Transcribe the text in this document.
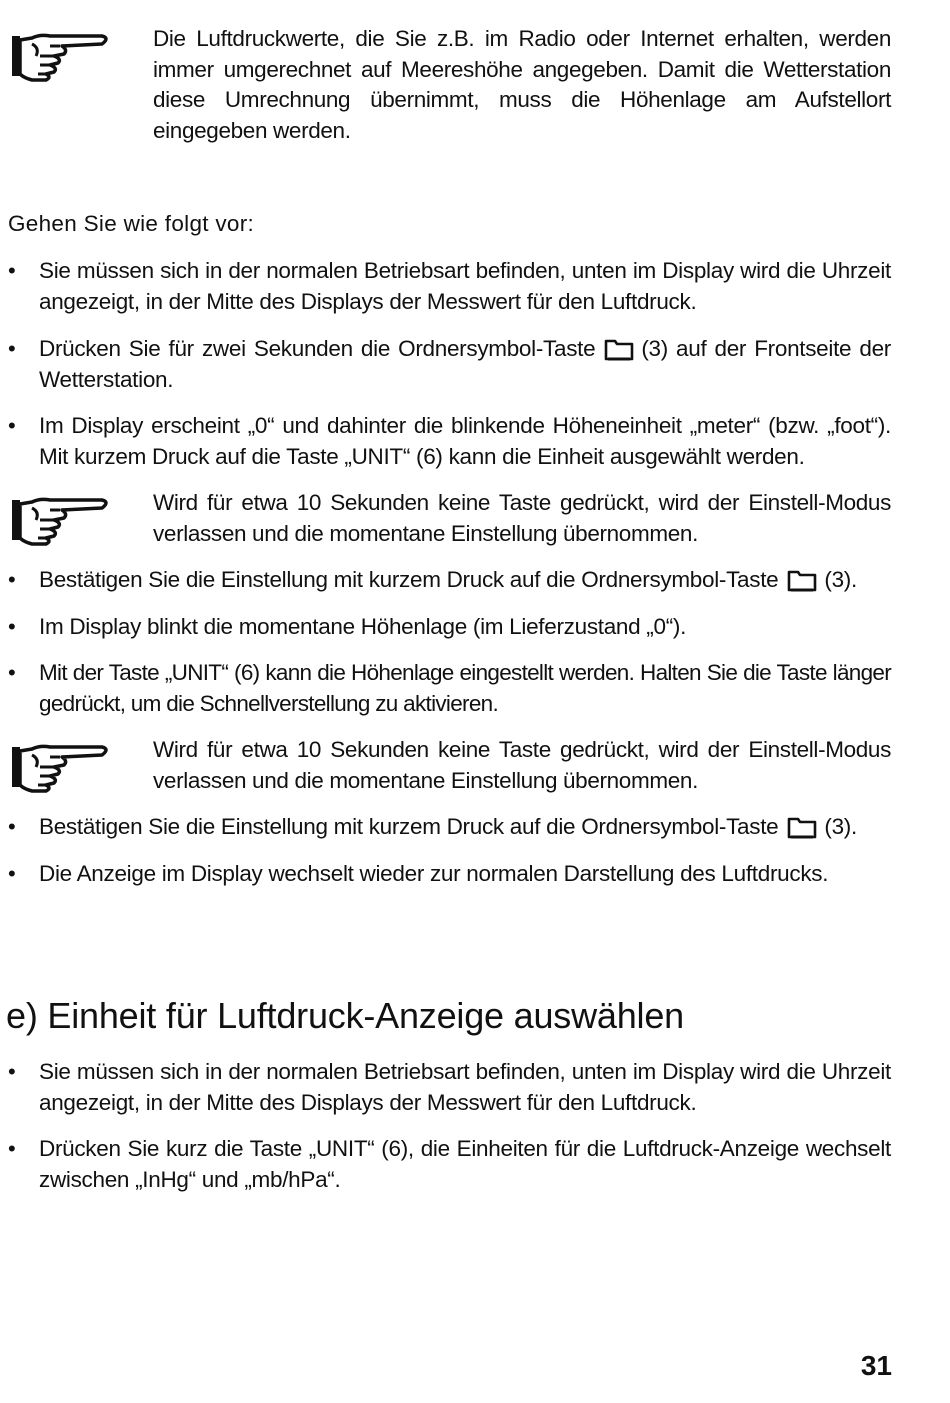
Die Luftdruckwerte, die Sie z.B. im Radio oder Internet erhalten, werden immer umgerechnet auf Meereshöhe angegeben. Damit die Wetterstation diese Umrechnung übernimmt, muss die Höhenlage am Aufstellort eingegeben werden.

Gehen Sie wie folgt vor:

• Sie müssen sich in der normalen Betriebsart befinden, unten im Display wird die Uhrzeit angezeigt, in der Mitte des Displays der Messwert für den Luftdruck.

• Drücken Sie für zwei Sekunden die Ordnersymbol-Taste (3) auf der Frontseite der Wetterstation.

• Im Display erscheint „0“ und dahinter die blinkende Höheneinheit „meter“ (bzw. „foot“). Mit kurzem Druck auf die Taste „UNIT“ (6) kann die Einheit ausgewählt werden.

Wird für etwa 10 Sekunden keine Taste gedrückt, wird der Einstell-Modus verlassen und die momentane Einstellung übernommen.

• Bestätigen Sie die Einstellung mit kurzem Druck auf die Ordnersymbol-Taste (3).

• Im Display blinkt die momentane Höhenlage (im Lieferzustand „0“).

• Mit der Taste „UNIT“ (6) kann die Höhenlage eingestellt werden. Halten Sie die Taste länger gedrückt, um die Schnellverstellung zu aktivieren.

Wird für etwa 10 Sekunden keine Taste gedrückt, wird der Einstell-Modus verlassen und die momentane Einstellung übernommen.

• Bestätigen Sie die Einstellung mit kurzem Druck auf die Ordnersymbol-Taste (3).

• Die Anzeige im Display wechselt wieder zur normalen Darstellung des Luftdrucks.

e) Einheit für Luftdruck-Anzeige auswählen
• Sie müssen sich in der normalen Betriebsart befinden, unten im Display wird die Uhrzeit angezeigt, in der Mitte des Displays der Messwert für den Luftdruck.

• Drücken Sie kurz die Taste „UNIT“ (6), die Einheiten für die Luftdruck-Anzeige wechselt zwischen „InHg“ und „mb/hPa“.

31
